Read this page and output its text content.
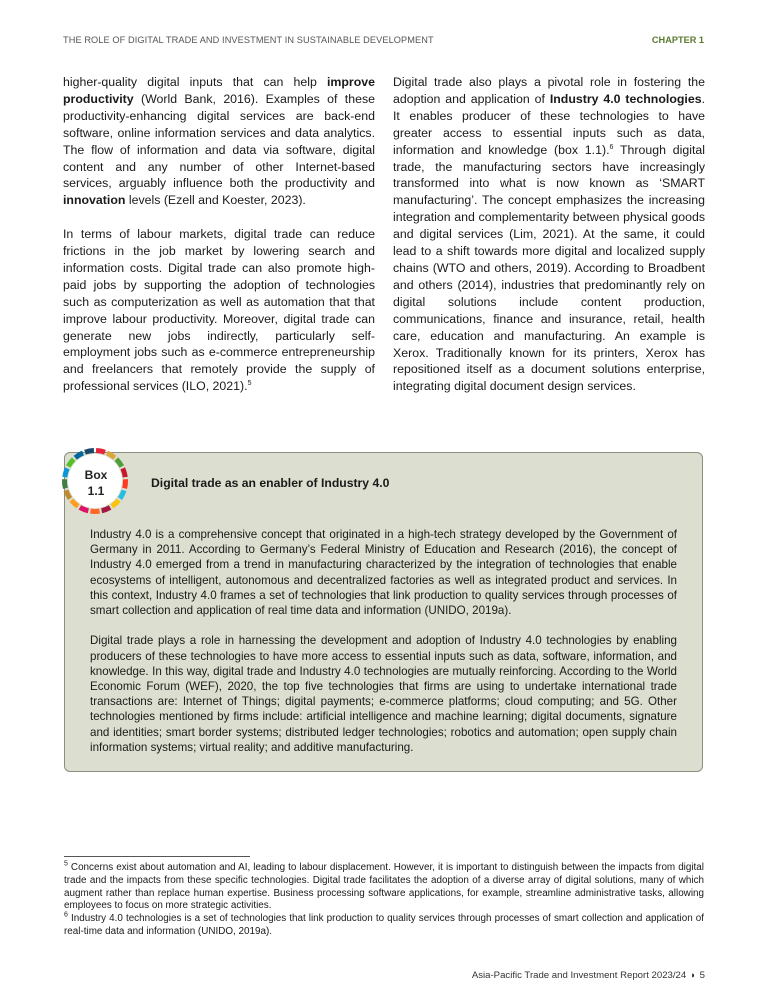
THE ROLE OF DIGITAL TRADE AND INVESTMENT IN SUSTAINABLE DEVELOPMENT	CHAPTER 1

higher-quality digital inputs that can help improve productivity (World Bank, 2016). Examples of these productivity-enhancing digital services are back-end software, online information services and data analytics. The flow of information and data via software, digital content and any number of other Internet-based services, arguably influence both the productivity and innovation levels (Ezell and Koester, 2023).

In terms of labour markets, digital trade can reduce frictions in the job market by lowering search and information costs. Digital trade can also promote high-paid jobs by supporting the adoption of technologies such as computerization as well as automation that that improve labour productivity. Moreover, digital trade can generate new jobs indirectly, particularly self-employment jobs such as e-commerce entrepreneurship and freelancers that remotely provide the supply of professional services (ILO, 2021).$^5$

Digital trade also plays a pivotal role in fostering the adoption and application of Industry 4.0 technologies. It enables producer of these technologies to have greater access to essential inputs such as data, information and knowledge (box 1.1).$^6$ Through digital trade, the manufacturing sectors have increasingly transformed into what is now known as ‘SMART manufacturing’. The concept emphasizes the increasing integration and complementarity between physical goods and digital services (Lim, 2021). At the same, it could lead to a shift towards more digital and localized supply chains (WTO and others, 2019). According to Broadbent and others (2014), industries that predominantly rely on digital solutions include content production, communications, finance and insurance, retail, health care, education and manufacturing. An example is Xerox. Traditionally known for its printers, Xerox has repositioned itself as a document solutions enterprise, integrating digital document design services.

Box
1.1
Digital trade as an enabler of Industry 4.0

Industry 4.0 is a comprehensive concept that originated in a high-tech strategy developed by the Government of Germany in 2011. According to Germany’s Federal Ministry of Education and Research (2016), the concept of Industry 4.0 emerged from a trend in manufacturing characterized by the integration of technologies that enable ecosystems of intelligent, autonomous and decentralized factories as well as integrated product and services. In this context, Industry 4.0 frames a set of technologies that link production to quality services through processes of smart collection and application of real time data and information (UNIDO, 2019a).

Digital trade plays a role in harnessing the development and adoption of Industry 4.0 technologies by enabling producers of these technologies to have more access to essential inputs such as data, software, information, and knowledge. In this way, digital trade and Industry 4.0 technologies are mutually reinforcing. According to the World Economic Forum (WEF), 2020, the top five technologies that firms are using to undertake international trade transactions are: Internet of Things; digital payments; e-commerce platforms; cloud computing; and 5G. Other technologies mentioned by firms include: artificial intelligence and machine learning; digital documents, signature and identities; smart border systems; distributed ledger technologies; robotics and automation; open supply chain information systems; virtual reality; and additive manufacturing.

$^5$ Concerns exist about automation and AI, leading to labour displacement. However, it is important to distinguish between the impacts from digital trade and the impacts from these specific technologies. Digital trade facilitates the adoption of a diverse array of digital solutions, many of which augment rather than replace human expertise. Business processing software applications, for example, streamline administrative tasks, allowing employees to focus on more strategic activities.

$^6$ Industry 4.0 technologies is a set of technologies that link production to quality services through processes of smart collection and application of real-time data and information (UNIDO, 2019a).

Asia-Pacific Trade and Investment Report 2023/24 ◗ 5
